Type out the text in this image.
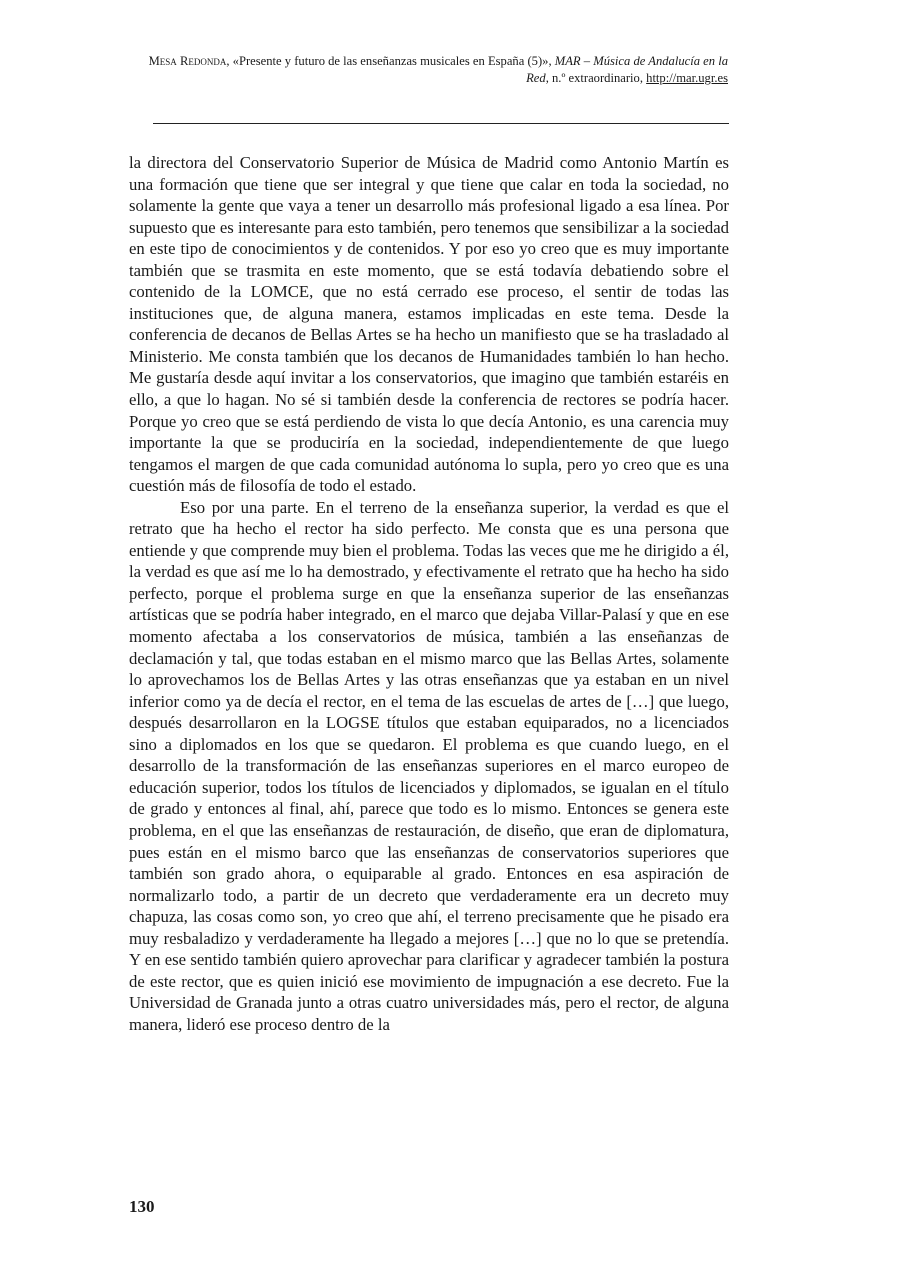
Mesa Redonda, «Presente y futuro de las enseñanzas musicales en España (5)», MAR – Música de Andalucía en la Red, n.º extraordinario, http://mar.ugr.es

la directora del Conservatorio Superior de Música de Madrid como Antonio Martín es una formación que tiene que ser integral y que tiene que calar en toda la sociedad, no solamente la gente que vaya a tener un desarrollo más profesional ligado a esa línea. Por supuesto que es interesante para esto también, pero tenemos que sensibilizar a la sociedad en este tipo de conocimientos y de contenidos. Y por eso yo creo que es muy importante también que se trasmita en este momento, que se está todavía debatiendo sobre el contenido de la LOMCE, que no está cerrado ese proceso, el sentir de todas las instituciones que, de alguna manera, estamos implicadas en este tema. Desde la conferencia de decanos de Bellas Artes se ha hecho un manifiesto que se ha trasladado al Ministerio. Me consta también que los decanos de Humanidades también lo han hecho. Me gustaría desde aquí invitar a los conservatorios, que imagino que también estaréis en ello, a que lo hagan. No sé si también desde la conferencia de rectores se podría hacer. Porque yo creo que se está perdiendo de vista lo que decía Antonio, es una carencia muy importante la que se produciría en la sociedad, independientemente de que luego tengamos el margen de que cada comunidad autónoma lo supla, pero yo creo que es una cuestión más de filosofía de todo el estado.

Eso por una parte. En el terreno de la enseñanza superior, la verdad es que el retrato que ha hecho el rector ha sido perfecto. Me consta que es una persona que entiende y que comprende muy bien el problema. Todas las veces que me he dirigido a él, la verdad es que así me lo ha demostrado, y efectivamente el retrato que ha hecho ha sido perfecto, porque el problema surge en que la enseñanza superior de las enseñanzas artísticas que se podría haber integrado, en el marco que dejaba Villar-Palasí y que en ese momento afectaba a los conservatorios de música, también a las enseñanzas de declamación y tal, que todas estaban en el mismo marco que las Bellas Artes, solamente lo aprovechamos los de Bellas Artes y las otras enseñanzas que ya estaban en un nivel inferior como ya de decía el rector, en el tema de las escuelas de artes de […] que luego, después desarrollaron en la LOGSE títulos que estaban equiparados, no a licenciados sino a diplomados en los que se quedaron. El problema es que cuando luego, en el desarrollo de la transformación de las enseñanzas superiores en el marco europeo de educación superior, todos los títulos de licenciados y diplomados, se igualan en el título de grado y entonces al final, ahí, parece que todo es lo mismo. Entonces se genera este problema, en el que las enseñanzas de restauración, de diseño, que eran de diplomatura, pues están en el mismo barco que las enseñanzas de conservatorios superiores que también son grado ahora, o equiparable al grado. Entonces en esa aspiración de normalizarlo todo, a partir de un decreto que verdaderamente era un decreto muy chapuza, las cosas como son, yo creo que ahí, el terreno precisamente que he pisado era muy resbaladizo y verdaderamente ha llegado a mejores […] que no lo que se pretendía. Y en ese sentido también quiero aprovechar para clarificar y agradecer también la postura de este rector, que es quien inició ese movimiento de impugnación a ese decreto. Fue la Universidad de Granada junto a otras cuatro universidades más, pero el rector, de alguna manera, lideró ese proceso dentro de la

130
